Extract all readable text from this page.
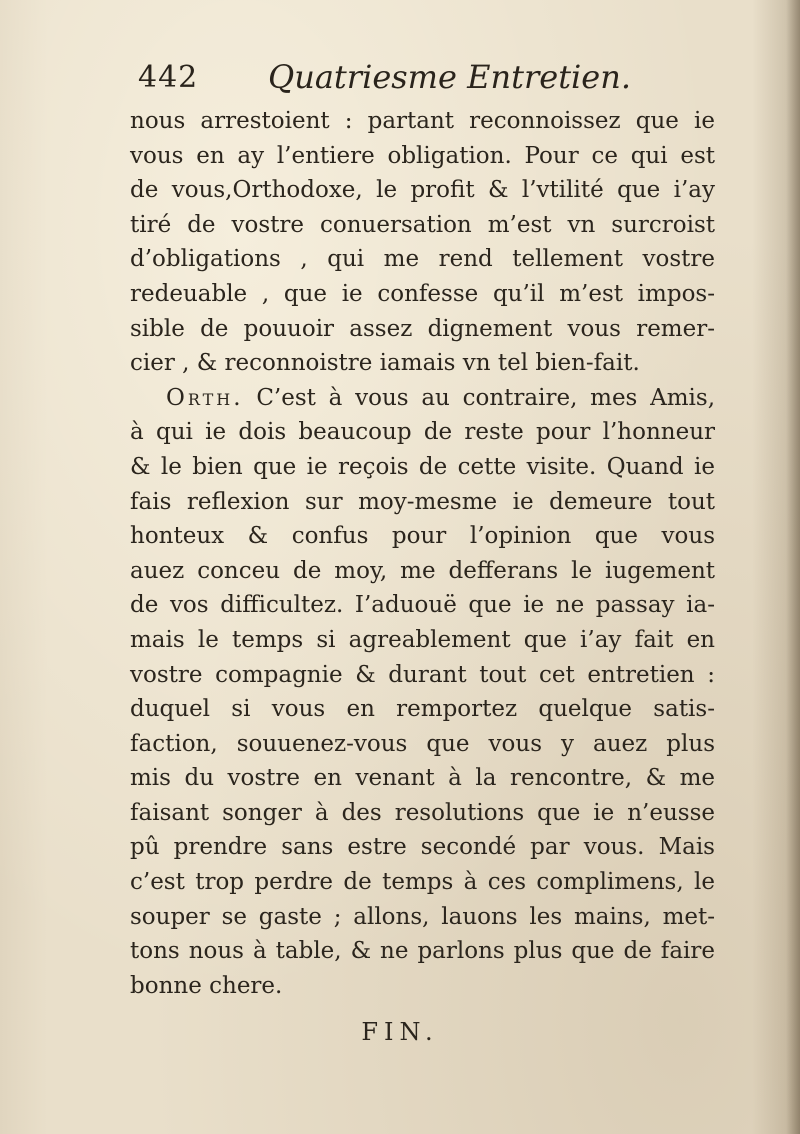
442 Quatriesme Entretien.
nous arrestoient : partant reconnoissez que ie
vous en ay l’entiere obligation. Pour ce qui est
de vous,Orthodoxe, le profit & l’vtilité que i’ay
tiré de vostre conuersation m’est vn surcroist
d’obligations , qui me rend tellement vostre
redeuable , que ie confesse qu’il m’est impos-
sible de pouuoir assez dignement vous remer-
cier , & reconnoistre iamais vn tel bien-fait.
Orth. C’est à vous au contraire, mes Amis,
à qui ie dois beaucoup de reste pour l’honneur
& le bien que ie reçois de cette visite. Quand ie
fais reflexion sur moy-mesme ie demeure tout
honteux & confus pour l’opinion que vous
auez conceu de moy, me defferans le iugement
de vos difficultez. I’aduouë que ie ne passay ia-
mais le temps si agreablement que i’ay fait en
vostre compagnie & durant tout cet entretien :
duquel si vous en remportez quelque satis-
faction, souuenez-vous que vous y auez plus
mis du vostre en venant à la rencontre, & me
faisant songer à des resolutions que ie n’eusse
pû prendre sans estre secondé par vous. Mais
c’est trop perdre de temps à ces complimens, le
souper se gaste ; allons, lauons les mains, met-
tons nous à table, & ne parlons plus que de faire
bonne chere.
FIN.
